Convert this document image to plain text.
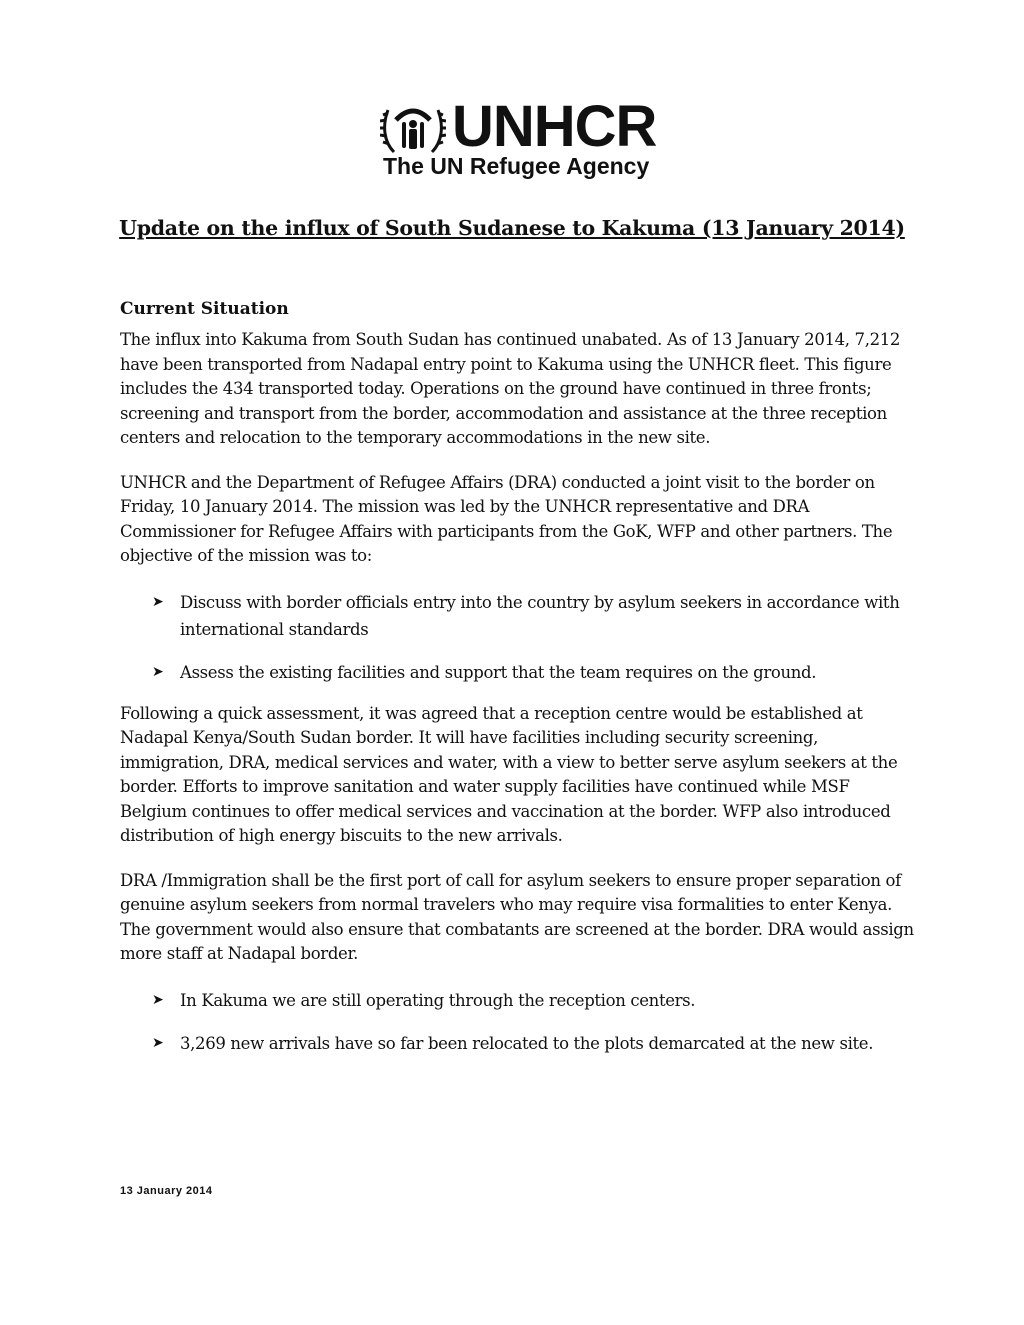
UNHCR
The UN Refugee Agency
Update on the influx of South Sudanese to Kakuma (13 January 2014)
Current Situation

The influx into Kakuma from South Sudan has continued unabated. As of 13 January 2014, 7,212 have been transported from Nadapal entry point to Kakuma using the UNHCR fleet. This figure includes the 434 transported today. Operations on the ground have continued in three fronts; screening and transport from the border, accommodation and assistance at the three reception centers and relocation to the temporary accommodations in the new site.

UNHCR and the Department of Refugee Affairs (DRA) conducted a joint visit to the border on Friday, 10 January 2014. The mission was led by the UNHCR representative and DRA Commissioner for Refugee Affairs with participants from the GoK, WFP and other partners. The objective of the mission was to:

➤ Discuss with border officials entry into the country by asylum seekers in accordance with international standards
➤ Assess the existing facilities and support that the team requires on the ground.

Following a quick assessment, it was agreed that a reception centre would be established at Nadapal Kenya/South Sudan border. It will have facilities including security screening, immigration, DRA, medical services and water, with a view to better serve asylum seekers at the border. Efforts to improve sanitation and water supply facilities have continued while MSF Belgium continues to offer medical services and vaccination at the border. WFP also introduced distribution of high energy biscuits to the new arrivals.

DRA /Immigration shall be the first port of call for asylum seekers to ensure proper separation of genuine asylum seekers from normal travelers who may require visa formalities to enter Kenya. The government would also ensure that combatants are screened at the border. DRA would assign more staff at Nadapal border.

➤ In Kakuma we are still operating through the reception centers.
➤ 3,269 new arrivals have so far been relocated to the plots demarcated at the new site.
13 January 2014
